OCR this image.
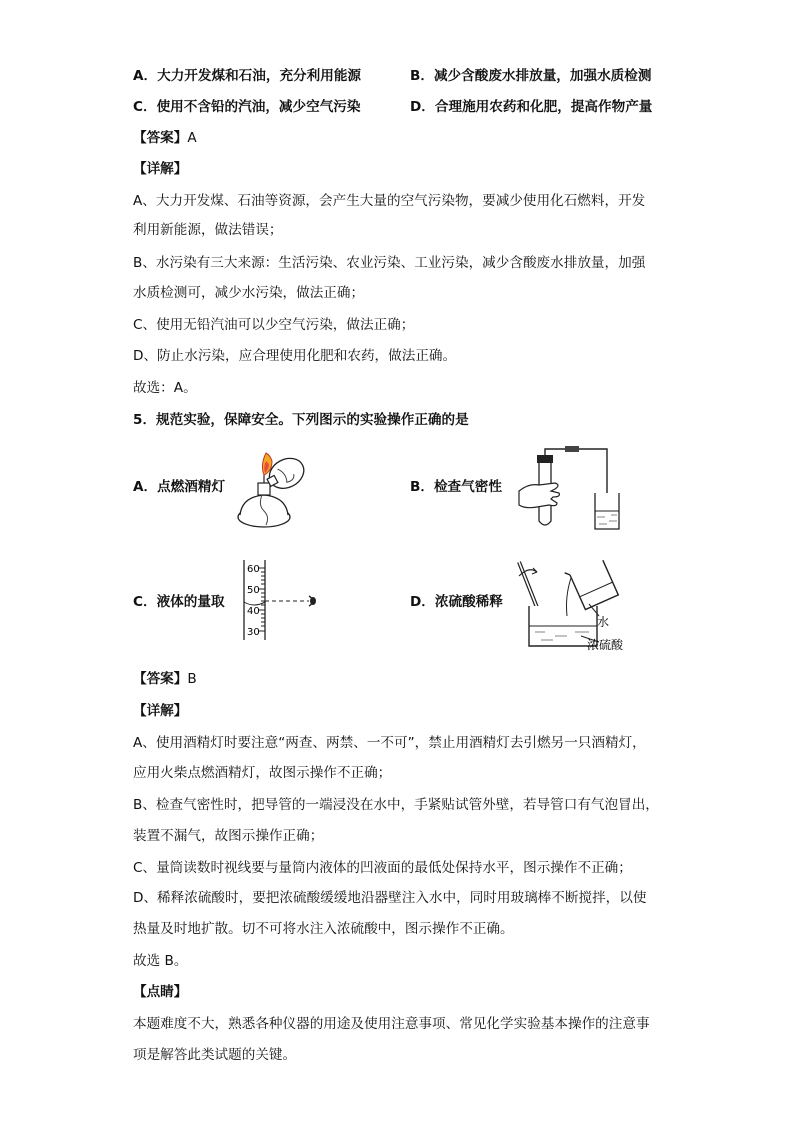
A．大力开发煤和石油，充分利用能源	B．减少含酸废水排放量，加强水质检测
C．使用不含铅的汽油，减少空气污染	D．合理施用农药和化肥，提高作物产量
【答案】A
【详解】
A、大力开发煤、石油等资源，会产生大量的空气污染物，要减少使用化石燃料，开发
利用新能源，做法错误；
B、水污染有三大来源：生活污染、农业污染、工业污染，减少含酸废水排放量，加强
水质检测可，减少水污染，做法正确；
C、使用无铅汽油可以少空气污染，做法正确；
D、防止水污染，应合理使用化肥和农药，做法正确。
故选：A。
5．规范实验，保障安全。下列图示的实验操作正确的是
A．点燃酒精灯	B．检查气密性
C．液体的量取	D．浓硫酸稀释
60
50
40
30
水
浓硫酸
【答案】B
【详解】
A、使用酒精灯时要注意“两查、两禁、一不可”，禁止用酒精灯去引燃另一只酒精灯，
应用火柴点燃酒精灯，故图示操作不正确；
B、检查气密性时，把导管的一端浸没在水中，手紧贴试管外壁，若导管口有气泡冒出，
装置不漏气，故图示操作正确；
C、量筒读数时视线要与量筒内液体的凹液面的最低处保持水平，图示操作不正确；
D、稀释浓硫酸时，要把浓硫酸缓缓地沿器壁注入水中，同时用玻璃棒不断搅拌，以使
热量及时地扩散。切不可将水注入浓硫酸中，图示操作不正确。
故选 B。
【点睛】
本题难度不大，熟悉各种仪器的用途及使用注意事项、常见化学实验基本操作的注意事
项是解答此类试题的关键。
